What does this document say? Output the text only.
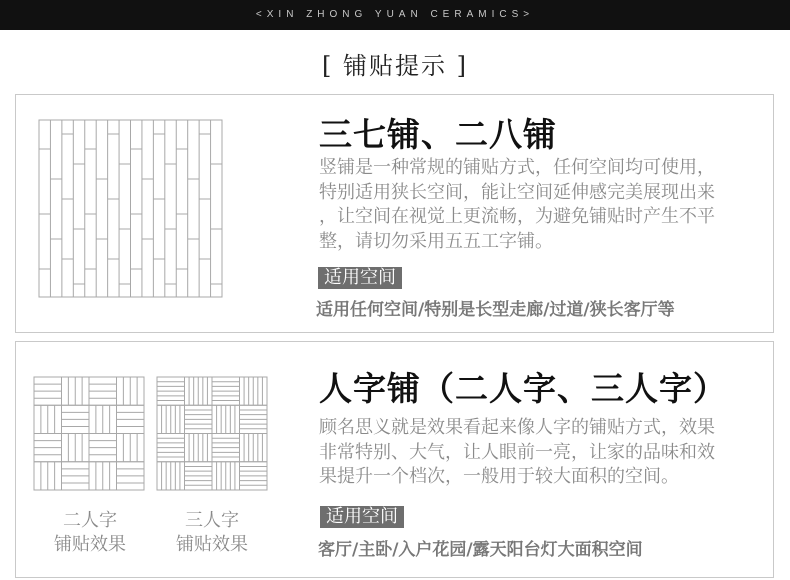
<XIN ZHONG YUAN CERAMICS>
[ 铺贴提示 ]
三七铺、二八铺
竖铺是一种常规的铺贴方式，任何空间均可使用，
特别适用狭长空间，能让空间延伸感完美展现出来
，让空间在视觉上更流畅，为避免铺贴时产生不平
整，请切勿采用五五工字铺。
适用空间
适用任何空间/特别是长型走廊/过道/狭长客厅等
二人字
铺贴效果
三人字
铺贴效果
人字铺（二人字、三人字）
顾名思义就是效果看起来像人字的铺贴方式，效果
非常特别、大气，让人眼前一亮，让家的品味和效
果提升一个档次，一般用于较大面积的空间。
适用空间
客厅/主卧/入户花园/露天阳台灯大面积空间
